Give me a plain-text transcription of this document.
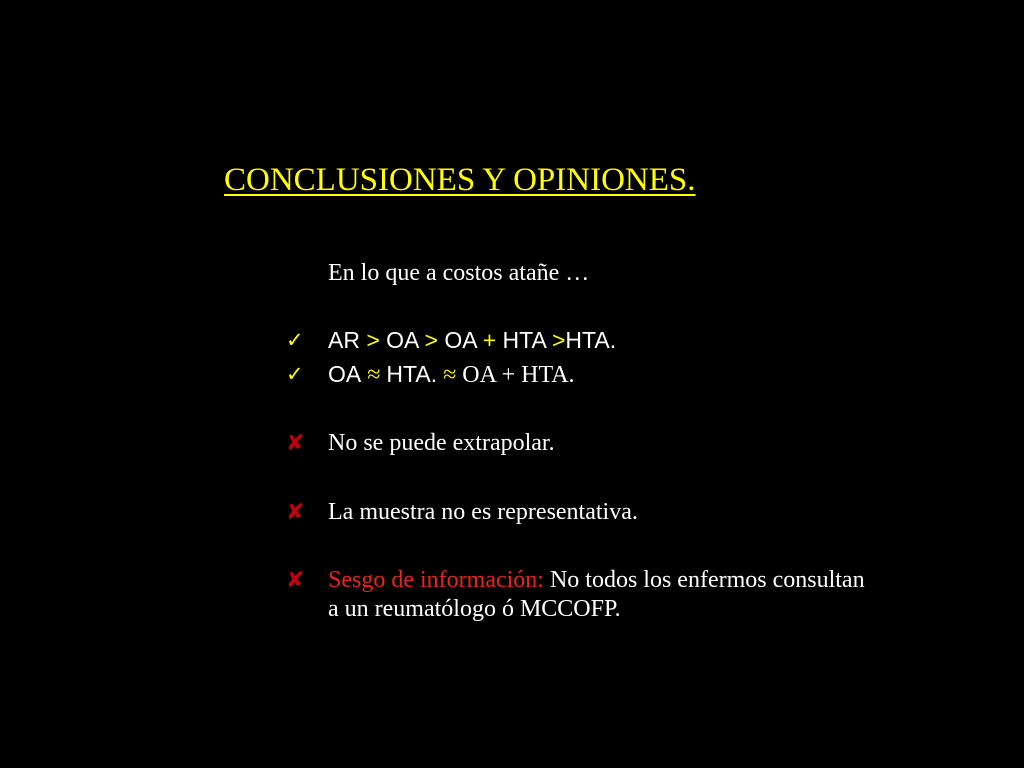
CONCLUSIONES Y OPINIONES.
En lo que a costos atañe …
✓	AR > OA > OA + HTA >HTA.
✓	OA ≈ HTA. ≈ OA + HTA.
✘ No se puede extrapolar.
✘ La muestra no es representativa.
✘ Sesgo de información: No todos los enfermos consultan a un reumatólogo ó MCCOFP.
